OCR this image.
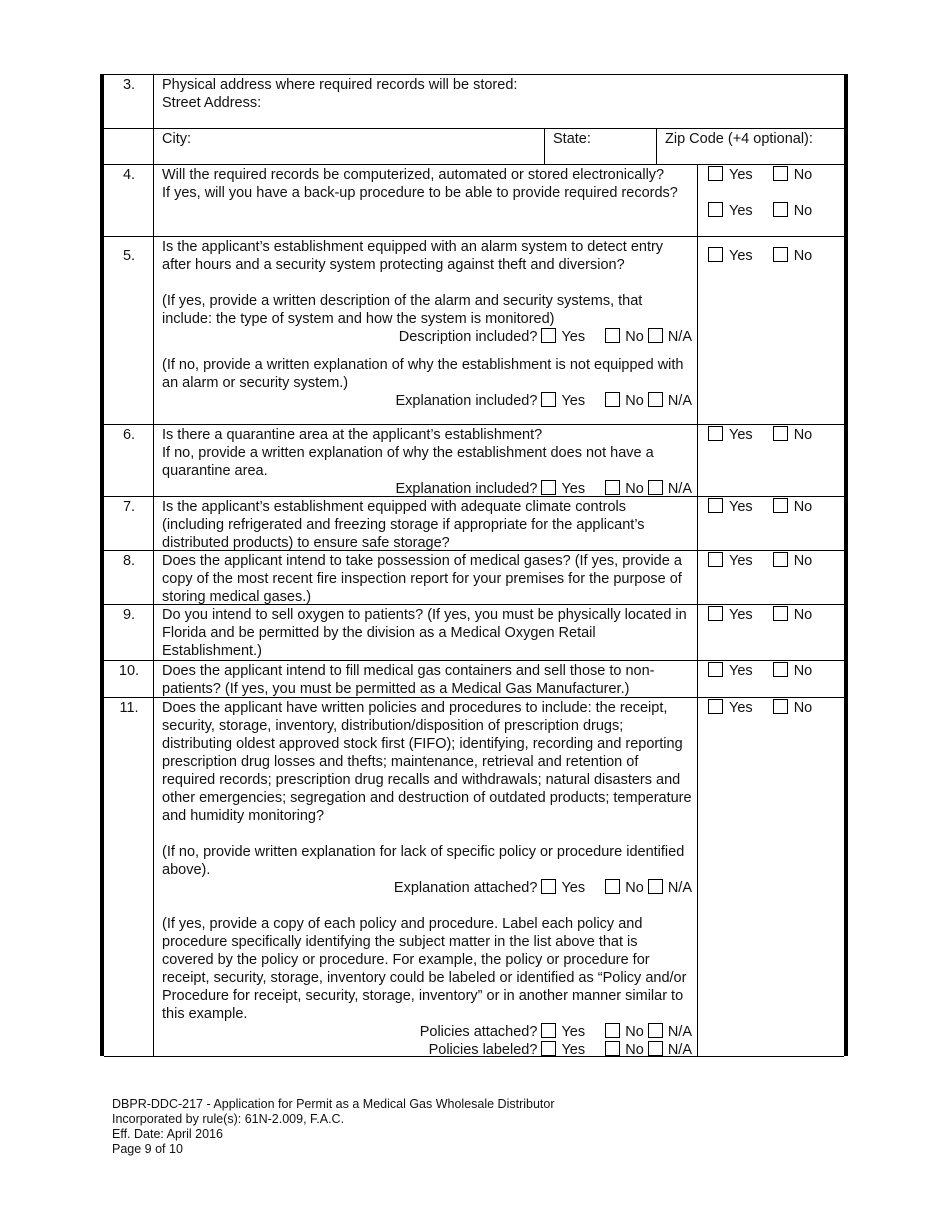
3.	Physical address where required records will be stored:

Street Address:

City:	State:	Zip Code (+4 optional):
4.	Will the required records be computerized, automated or stored electronically?

If yes, will you have a back-up procedure to be able to provide required records?

Yes	No
Yes	No
5.

Is the applicant’s establishment equipped with an alarm system to detect entry after hours and a security system protecting against theft and diversion?

(If yes, provide a written description of the alarm and security systems, that include: the type of system and how the system is monitored)

Description included? Yes	No N/A

(If no, provide a written explanation of why the establishment is not equipped with an alarm or security system.)

Explanation included? Yes	No N/A

Yes	No
6.	Is there a quarantine area at the applicant’s establishment?

If no, provide a written explanation of why the establishment does not have a quarantine area.

Explanation included? Yes	No N/A

Yes	No
7.	Is the applicant’s establishment equipped with adequate climate controls (including refrigerated and freezing storage if appropriate for the applicant’s distributed products) to ensure safe storage?
Yes	No
8.	Does the applicant intend to take possession of medical gases? (If yes, provide a copy of the most recent fire inspection report for your premises for the purpose of storing medical gases.)
Yes	No
9.	Do you intend to sell oxygen to patients? (If yes, you must be physically located in Florida and be permitted by the division as a Medical Oxygen Retail Establishment.)
Yes	No
10.	Does the applicant intend to fill medical gas containers and sell those to non-patients? (If yes, you must be permitted as a Medical Gas Manufacturer.)
Yes	No
11.	Does the applicant have written policies and procedures to include: the receipt, security, storage, inventory, distribution/disposition of prescription drugs; distributing oldest approved stock first (FIFO); identifying, recording and reporting prescription drug losses and thefts; maintenance, retrieval and retention of required records; prescription drug recalls and withdrawals; natural disasters and other emergencies; segregation and destruction of outdated products; temperature and humidity monitoring?

(If no, provide written explanation for lack of specific policy or procedure identified above).

Explanation attached? Yes	No N/A

(If yes, provide a copy of each policy and procedure. Label each policy and procedure specifically identifying the subject matter in the list above that is covered by the policy or procedure. For example, the policy or procedure for receipt, security, storage, inventory could be labeled or identified as “Policy and/or Procedure for receipt, security, storage, inventory” or in another manner similar to this example.

Policies attached? Yes	No N/A

Policies labeled? Yes	No N/A

Yes	No
DBPR-DDC-217 - Application for Permit as a Medical Gas Wholesale Distributor
Incorporated by rule(s): 61N-2.009, F.A.C.
Eff. Date: April 2016
Page 9 of 10
